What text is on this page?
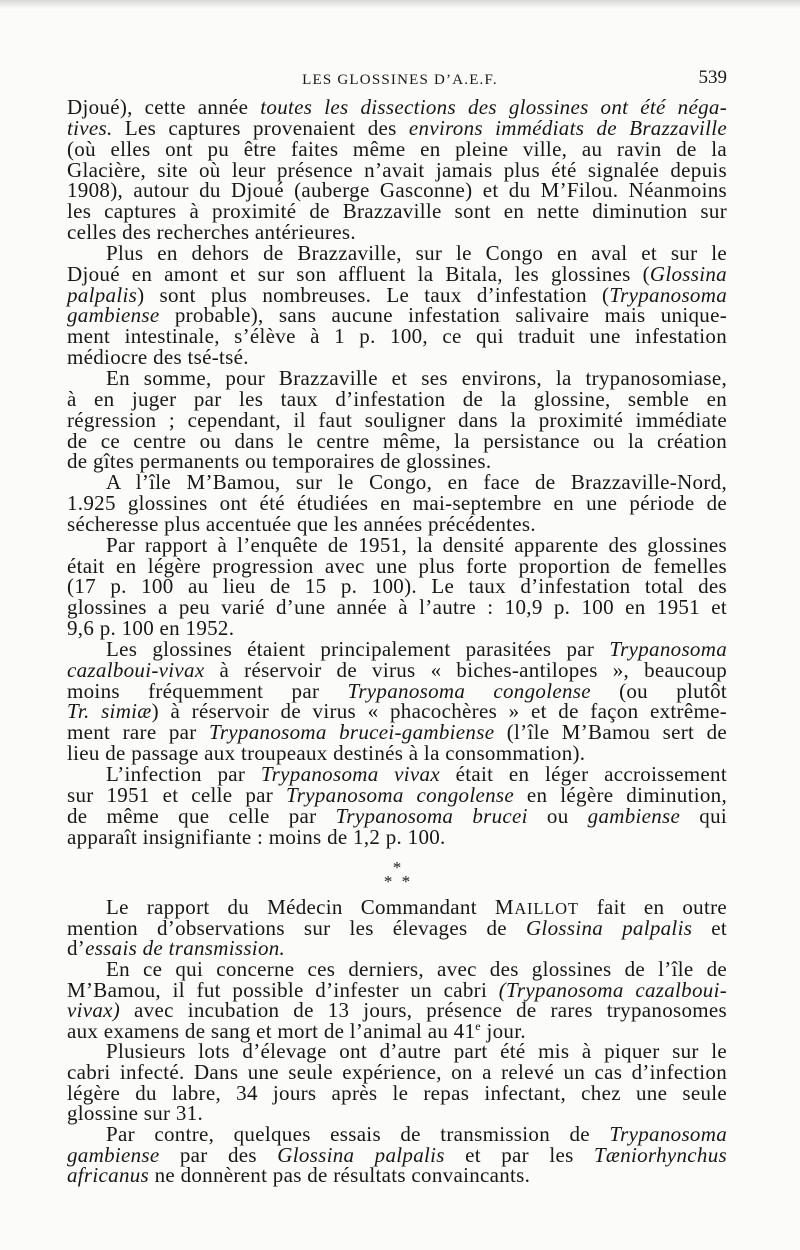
LES GLOSSINES D’A.E.F.	539
Djoué), cette année toutes les dissections des glossines ont été néga-
tives. Les captures provenaient des environs immédiats de Brazzaville
(où elles ont pu être faites même en pleine ville, au ravin de la
Glacière, site où leur présence n’avait jamais plus été signalée depuis
1908), autour du Djoué (auberge Gasconne) et du M’Filou. Néanmoins
les captures à proximité de Brazzaville sont en nette diminution sur
celles des recherches antérieures.
Plus en dehors de Brazzaville, sur le Congo en aval et sur le
Djoué en amont et sur son affluent la Bitala, les glossines (Glossina
palpalis) sont plus nombreuses. Le taux d’infestation (Trypanosoma
gambiense probable), sans aucune infestation salivaire mais unique-
ment intestinale, s’élève à 1 p. 100, ce qui traduit une infestation
médiocre des tsé-tsé.
En somme, pour Brazzaville et ses environs, la trypanosomiase,
à en juger par les taux d’infestation de la glossine, semble en
régression ; cependant, il faut souligner dans la proximité immédiate
de ce centre ou dans le centre même, la persistance ou la création
de gîtes permanents ou temporaires de glossines.
A l’île M’Bamou, sur le Congo, en face de Brazzaville-Nord,
1.925 glossines ont été étudiées en mai-septembre en une période de
sécheresse plus accentuée que les années précédentes.
Par rapport à l’enquête de 1951, la densité apparente des glossines
était en légère progression avec une plus forte proportion de femelles
(17 p. 100 au lieu de 15 p. 100). Le taux d’infestation total des
glossines a peu varié d’une année à l’autre : 10,9 p. 100 en 1951 et
9,6 p. 100 en 1952.
Les glossines étaient principalement parasitées par Trypanosoma
cazalboui-vivax à réservoir de virus « biches-antilopes », beaucoup
moins fréquemment par Trypanosoma congolense (ou plutôt
Tr. simiæ) à réservoir de virus « phacochères » et de façon extrême-
ment rare par Trypanosoma brucei-gambiense (l’île M’Bamou sert de
lieu de passage aux troupeaux destinés à la consommation).
L’infection par Trypanosoma vivax était en léger accroissement
sur 1951 et celle par Trypanosoma congolense en légère diminution,
de même que celle par Trypanosoma brucei ou gambiense qui
apparaît insignifiante : moins de 1,2 p. 100.
*
* *
Le rapport du Médecin Commandant MAILLOT fait en outre
mention d’observations sur les élevages de Glossina palpalis et
d’essais de transmission.
En ce qui concerne ces derniers, avec des glossines de l’île de
M’Bamou, il fut possible d’infester un cabri (Trypanosoma cazalboui-
vivax) avec incubation de 13 jours, présence de rares trypanosomes
aux examens de sang et mort de l’animal au 41e jour.
Plusieurs lots d’élevage ont d’autre part été mis à piquer sur le
cabri infecté. Dans une seule expérience, on a relevé un cas d’infection
légère du labre, 34 jours après le repas infectant, chez une seule
glossine sur 31.
Par contre, quelques essais de transmission de Trypanosoma
gambiense par des Glossina palpalis et par les Tæniorhynchus
africanus ne donnèrent pas de résultats convaincants.
